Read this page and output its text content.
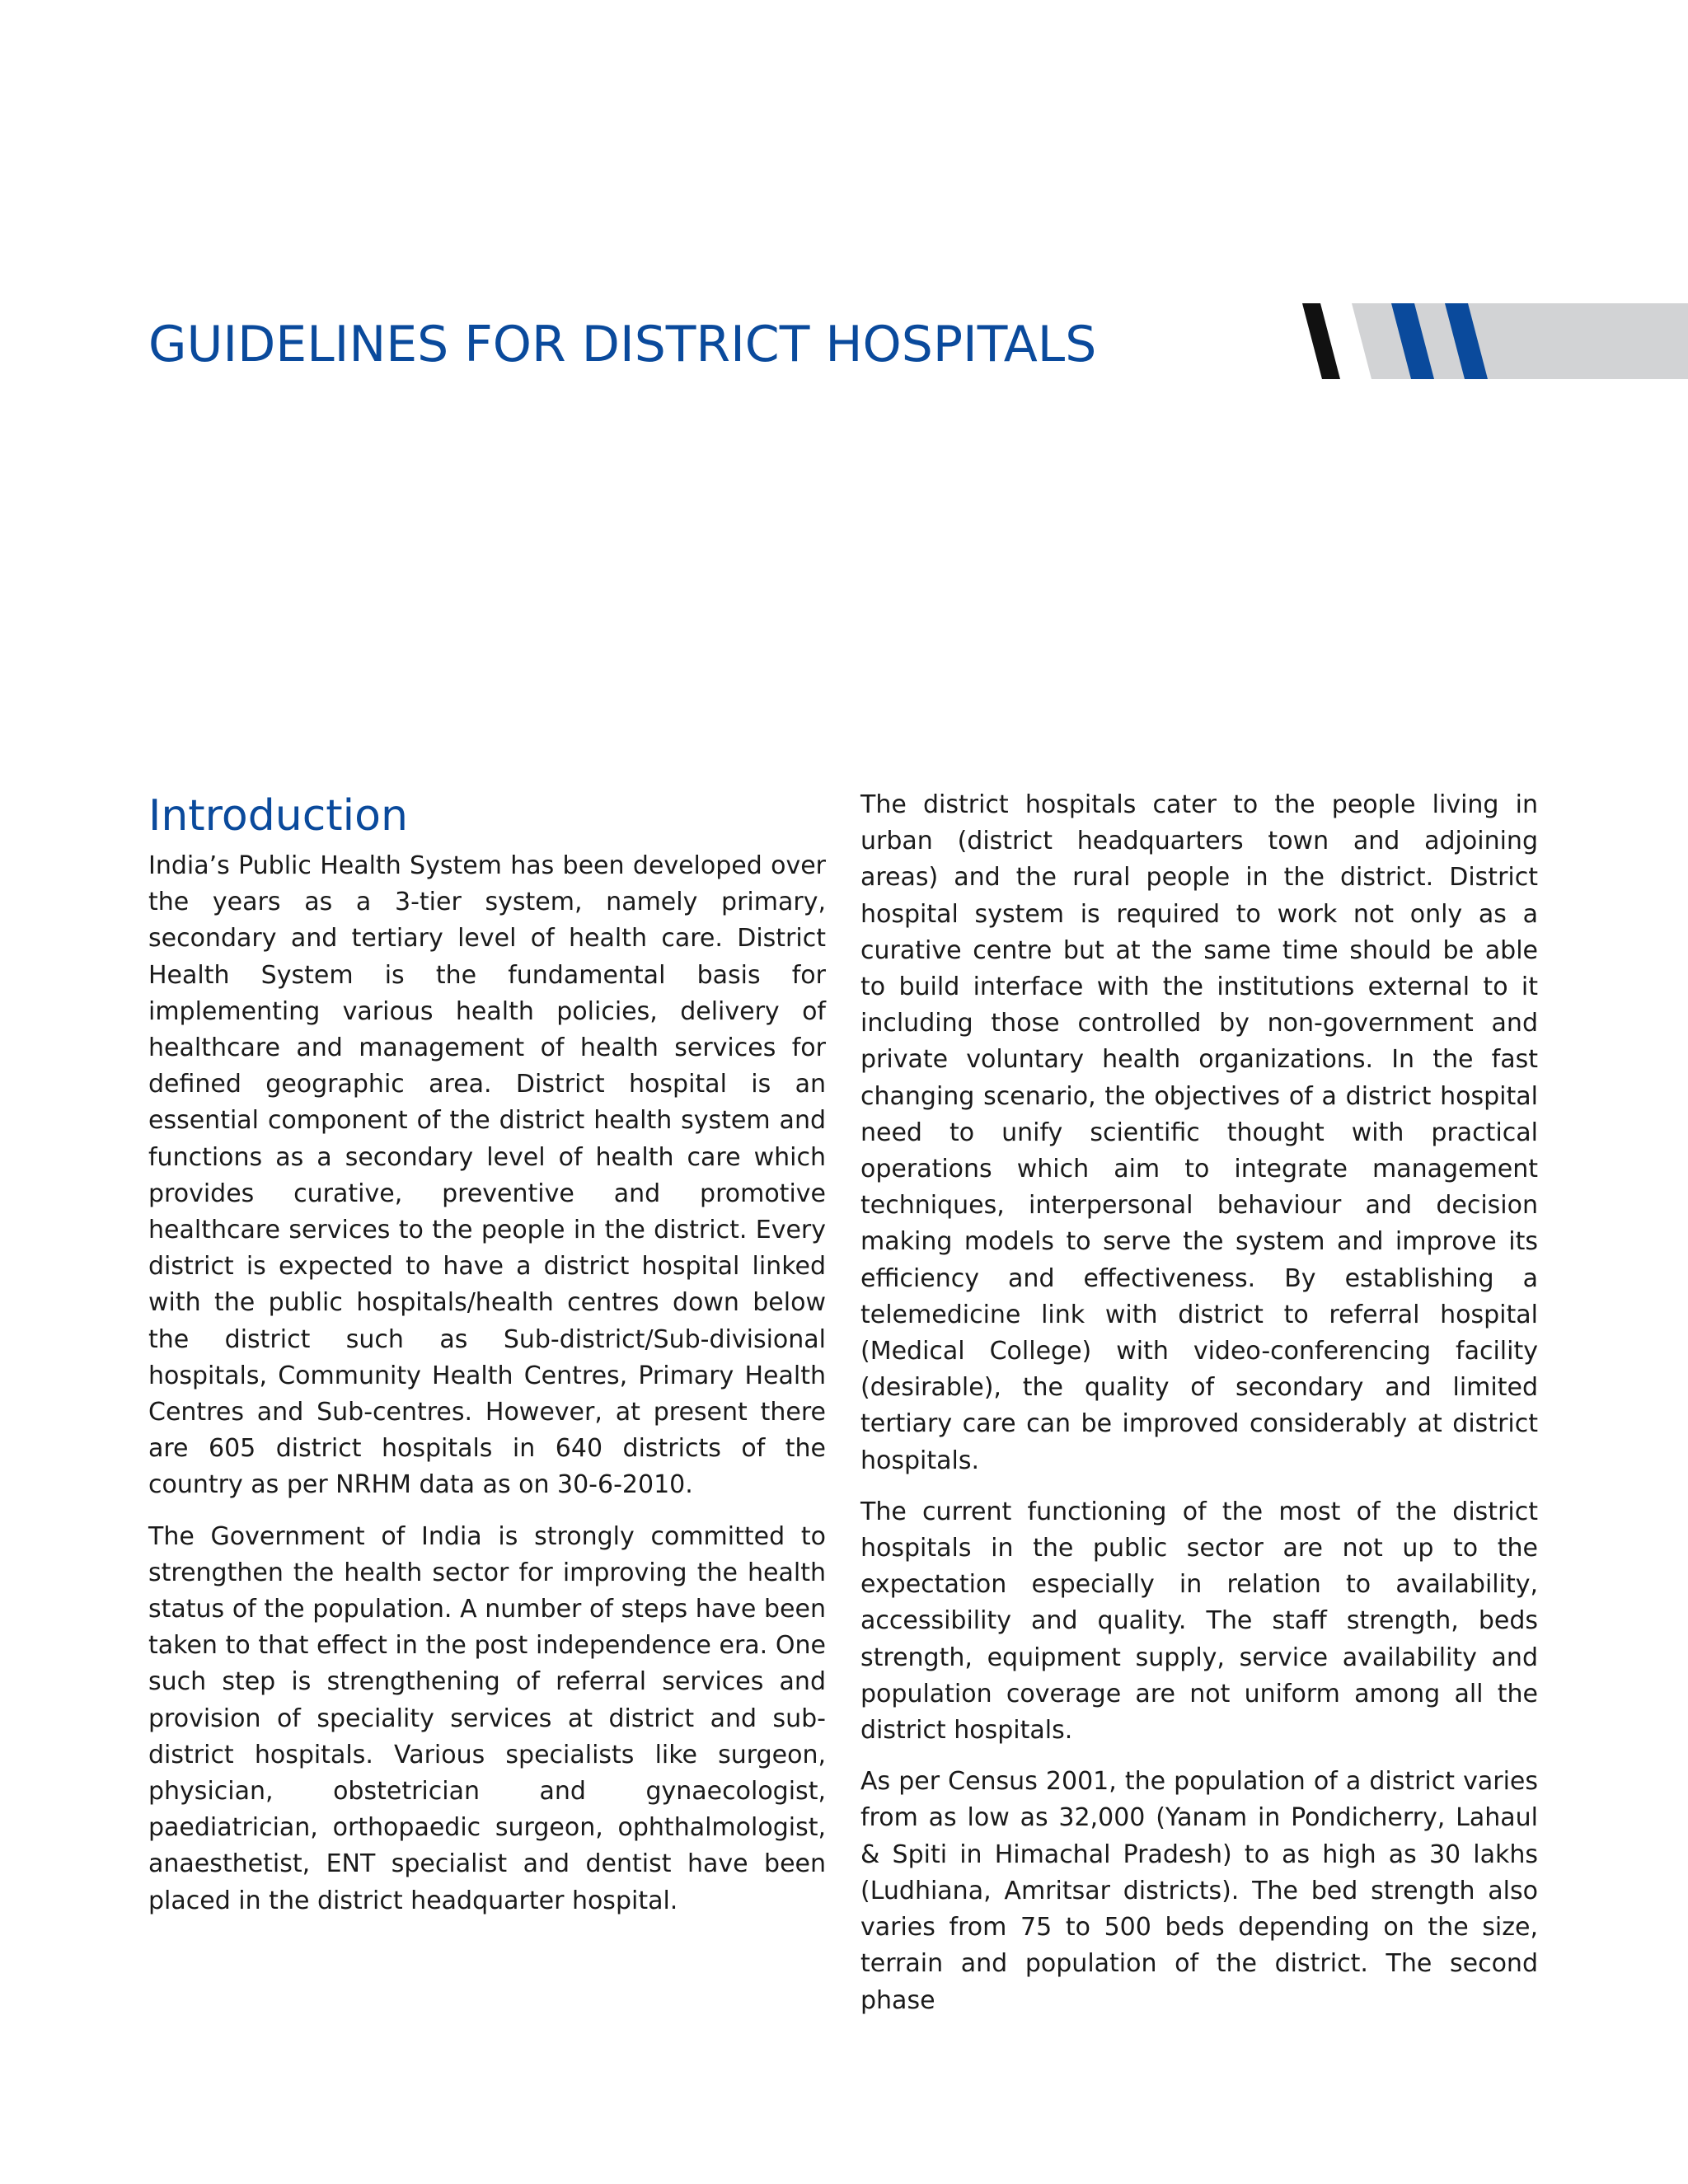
GUIDELINES FOR DISTRICT HOSPITALS
Introduction

India’s Public Health System has been developed over the years as a 3-tier system, namely primary, secondary and tertiary level of health care. District Health System is the fundamental basis for implementing various health policies, delivery of healthcare and management of health services for defined geographic area. District hospital is an essential component of the district health system and functions as a secondary level of health care which provides curative, preventive and promotive healthcare services to the people in the district. Every district is expected to have a district hospital linked with the public hospitals/health centres down below the district such as Sub-district/Sub-divisional hospitals, Community Health Centres, Primary Health Centres and Sub-centres. However, at present there are 605 district hospitals in 640 districts of the country as per NRHM data as on 30-6-2010.

The Government of India is strongly committed to strengthen the health sector for improving the health status of the population. A number of steps have been taken to that effect in the post independence era. One such step is strengthening of referral services and provision of speciality services at district and sub-district hospitals. Various specialists like surgeon, physician, obstetrician and gynaecologist, paediatrician, orthopaedic surgeon, ophthalmologist, anaesthetist, ENT specialist and dentist have been placed in the district headquarter hospital.

The district hospitals cater to the people living in urban (district headquarters town and adjoining areas) and the rural people in the district. District hospital system is required to work not only as a curative centre but at the same time should be able to build interface with the institutions external to it including those controlled by non-government and private voluntary health organizations. In the fast changing scenario, the objectives of a district hospital need to unify scientific thought with practical operations which aim to integrate management techniques, interpersonal behaviour and decision making models to serve the system and improve its efficiency and effectiveness. By establishing a telemedicine link with district to referral hospital (Medical College) with video-conferencing facility (desirable), the quality of secondary and limited tertiary care can be improved considerably at district hospitals.

The current functioning of the most of the district hospitals in the public sector are not up to the expectation especially in relation to availability, accessibility and quality. The staff strength, beds strength, equipment supply, service availability and population coverage are not uniform among all the district hospitals.

As per Census 2001, the population of a district varies from as low as 32,000 (Yanam in Pondicherry, Lahaul & Spiti in Himachal Pradesh) to as high as 30 lakhs (Ludhiana, Amritsar districts). The bed strength also varies from 75 to 500 beds depending on the size, terrain and population of the district. The second phase
